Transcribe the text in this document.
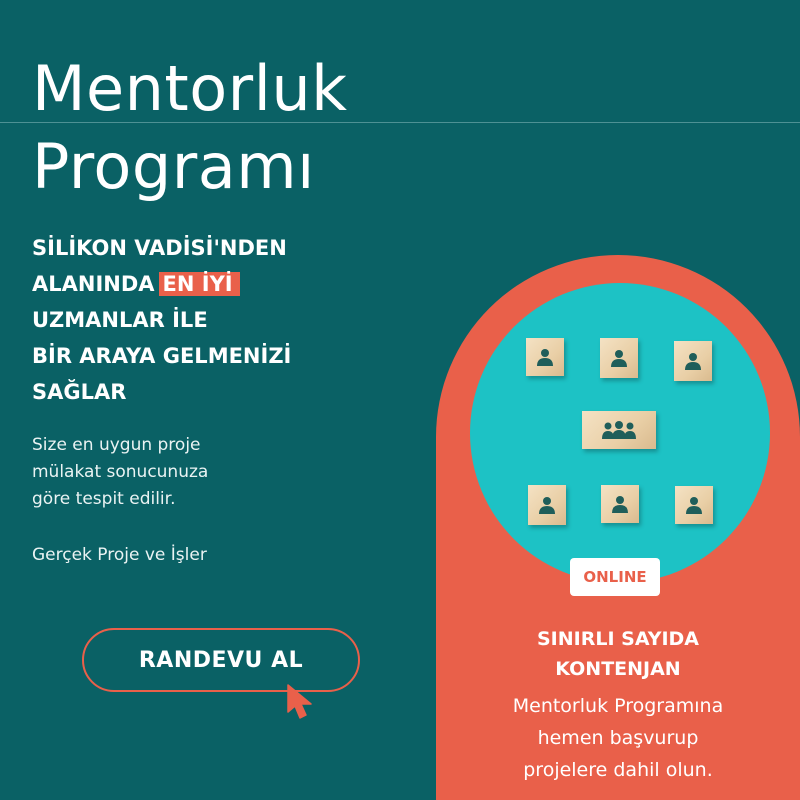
Mentorluk
Programı
SİLİKON VADİSİ'NDEN
ALANINDA EN İYİ
UZMANLAR İLE
BİR ARAYA GELMENİZİ
SAĞLAR
Size en uygun proje
mülakat sonucunuza
göre tespit edilir.
Gerçek Proje ve İşler
RANDEVU AL
ONLINE
SINIRLI SAYIDA
KONTENJAN
Mentorluk Programına
hemen başvurup
projelere dahil olun.
